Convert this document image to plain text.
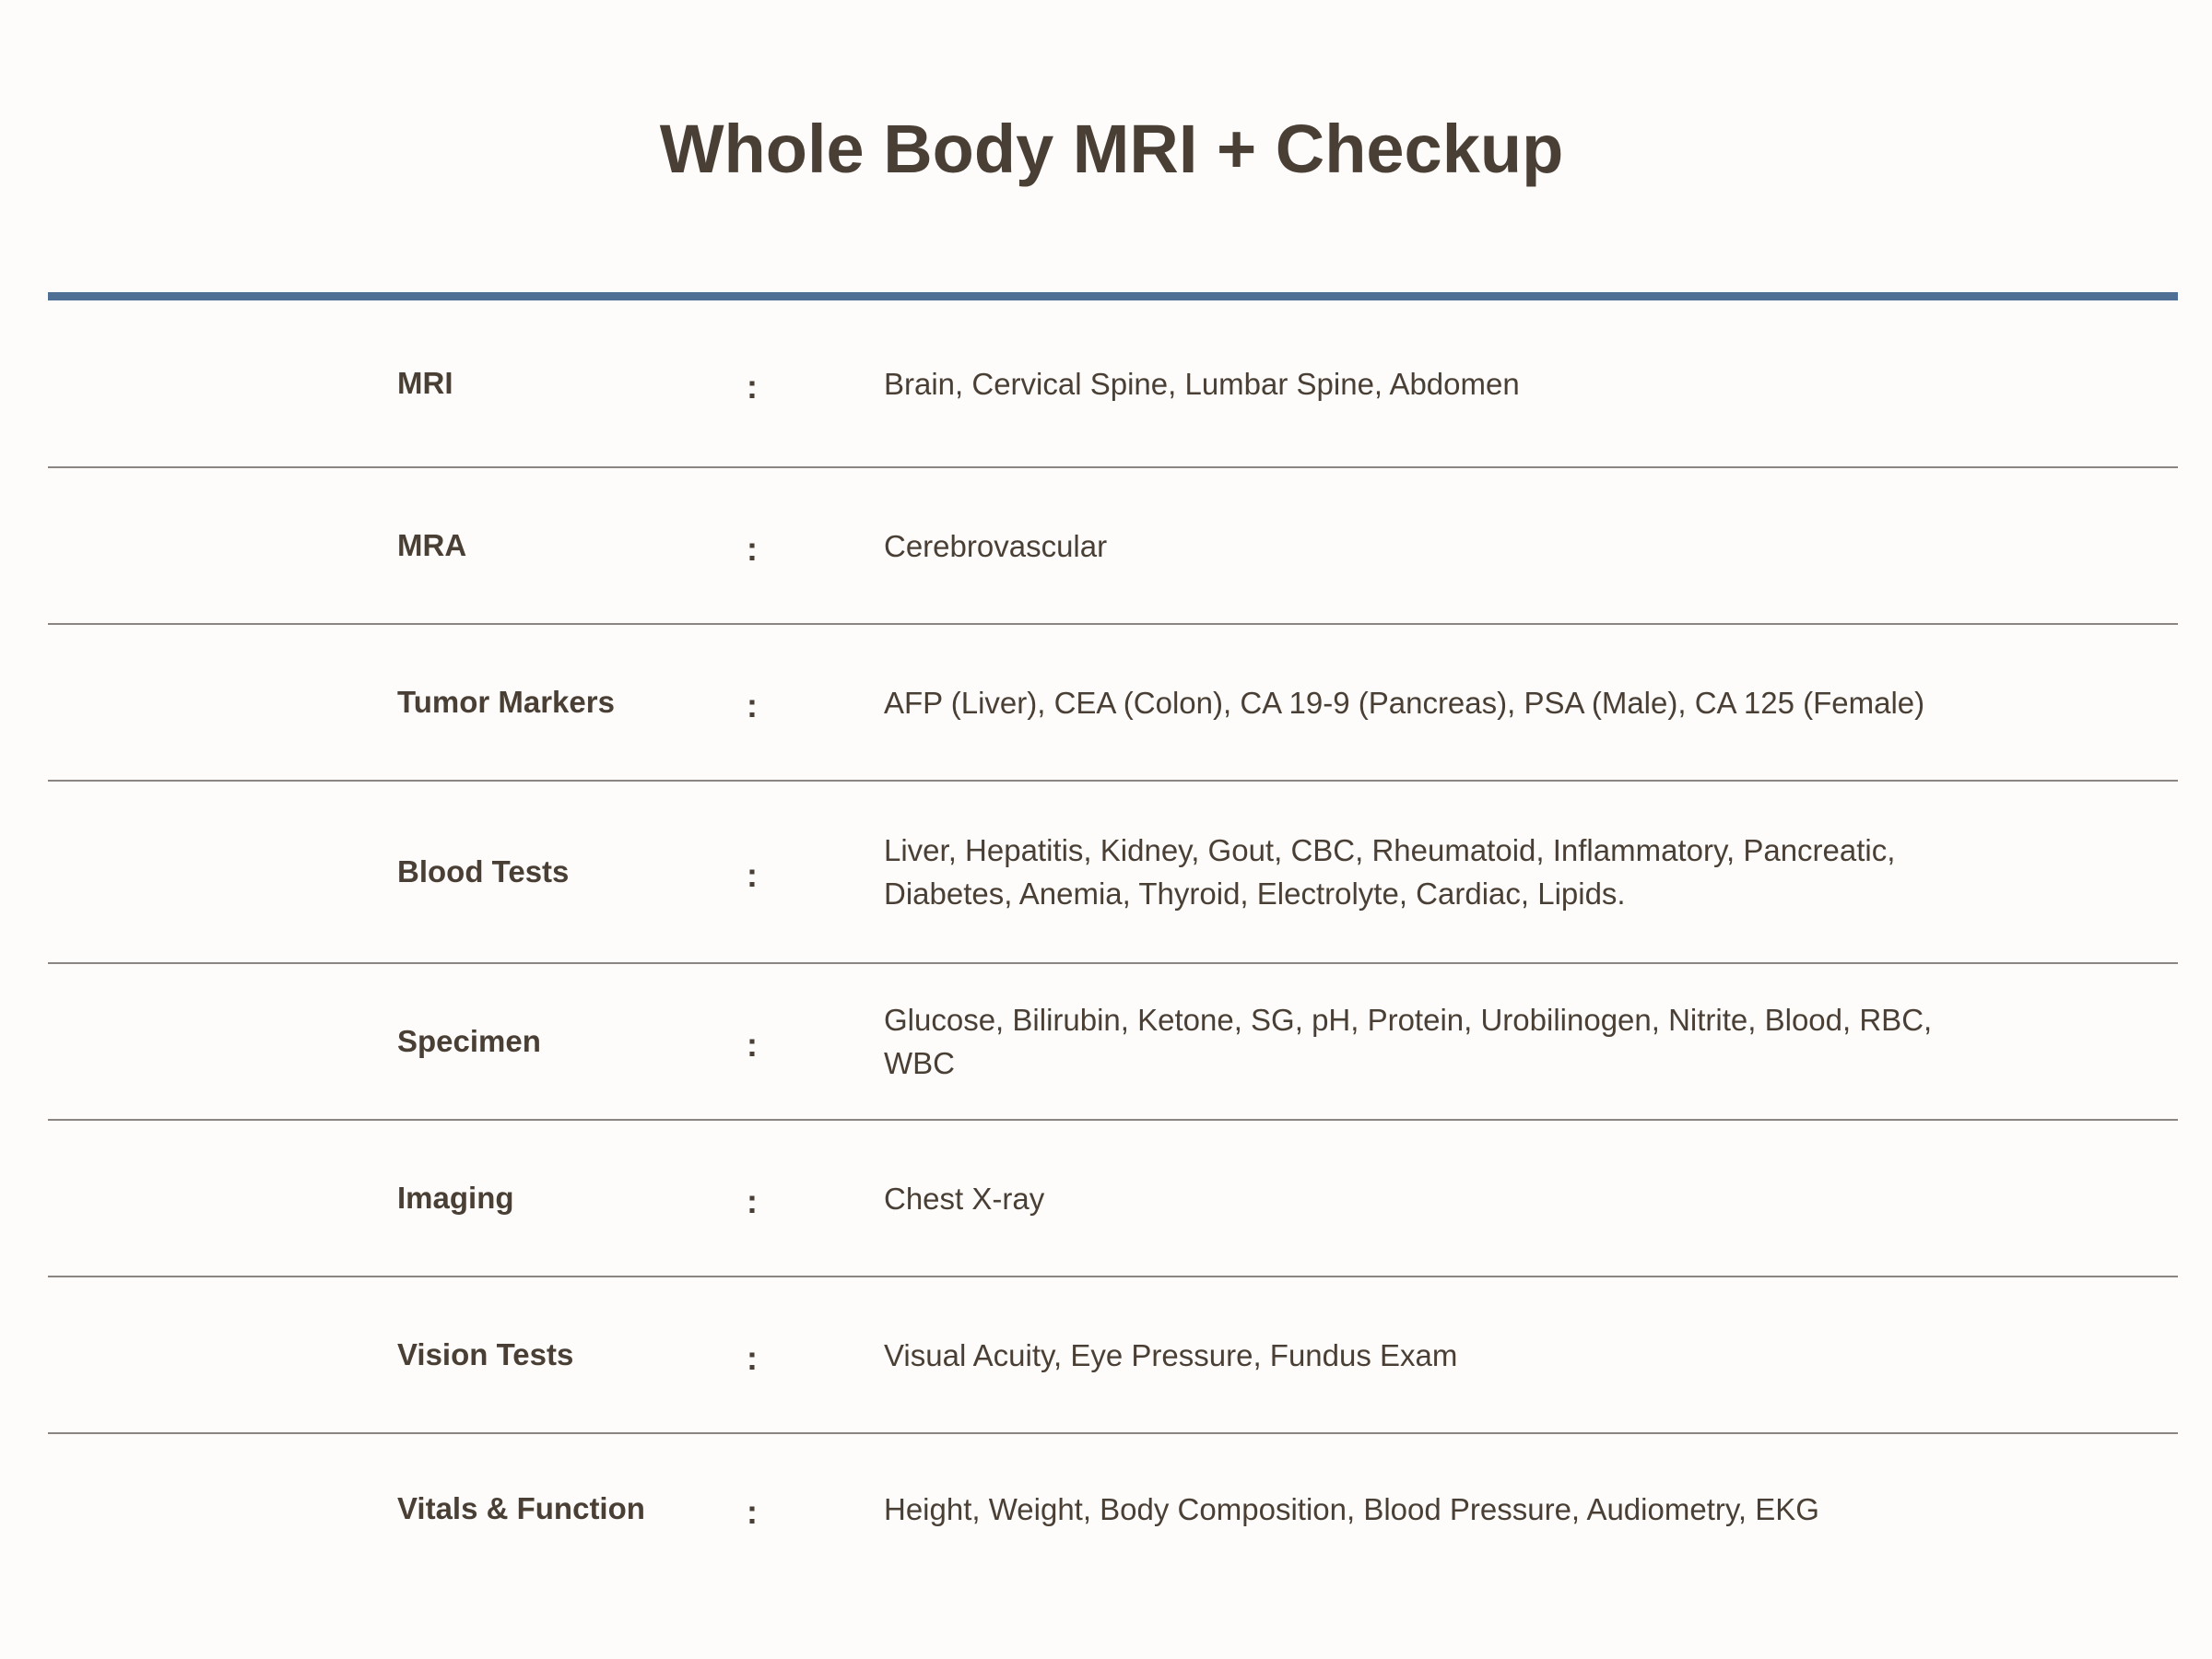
Whole Body MRI + Checkup
MRI	:	Brain, Cervical Spine, Lumbar Spine, Abdomen
MRA	:	Cerebrovascular
Tumor Markers	:	AFP (Liver), CEA (Colon), CA 19-9 (Pancreas), PSA (Male), CA 125 (Female)
Blood Tests	:
Liver, Hepatitis, Kidney, Gout, CBC, Rheumatoid, Inflammatory, Pancreatic, Diabetes, Anemia, Thyroid, Electrolyte, Cardiac, Lipids.
Specimen	:
Glucose, Bilirubin, Ketone, SG, pH, Protein, Urobilinogen, Nitrite, Blood, RBC, WBC
Imaging	:	Chest X-ray
Vision Tests	:	Visual Acuity, Eye Pressure, Fundus Exam
Vitals & Function	:	Height, Weight, Body Composition, Blood Pressure, Audiometry, EKG
